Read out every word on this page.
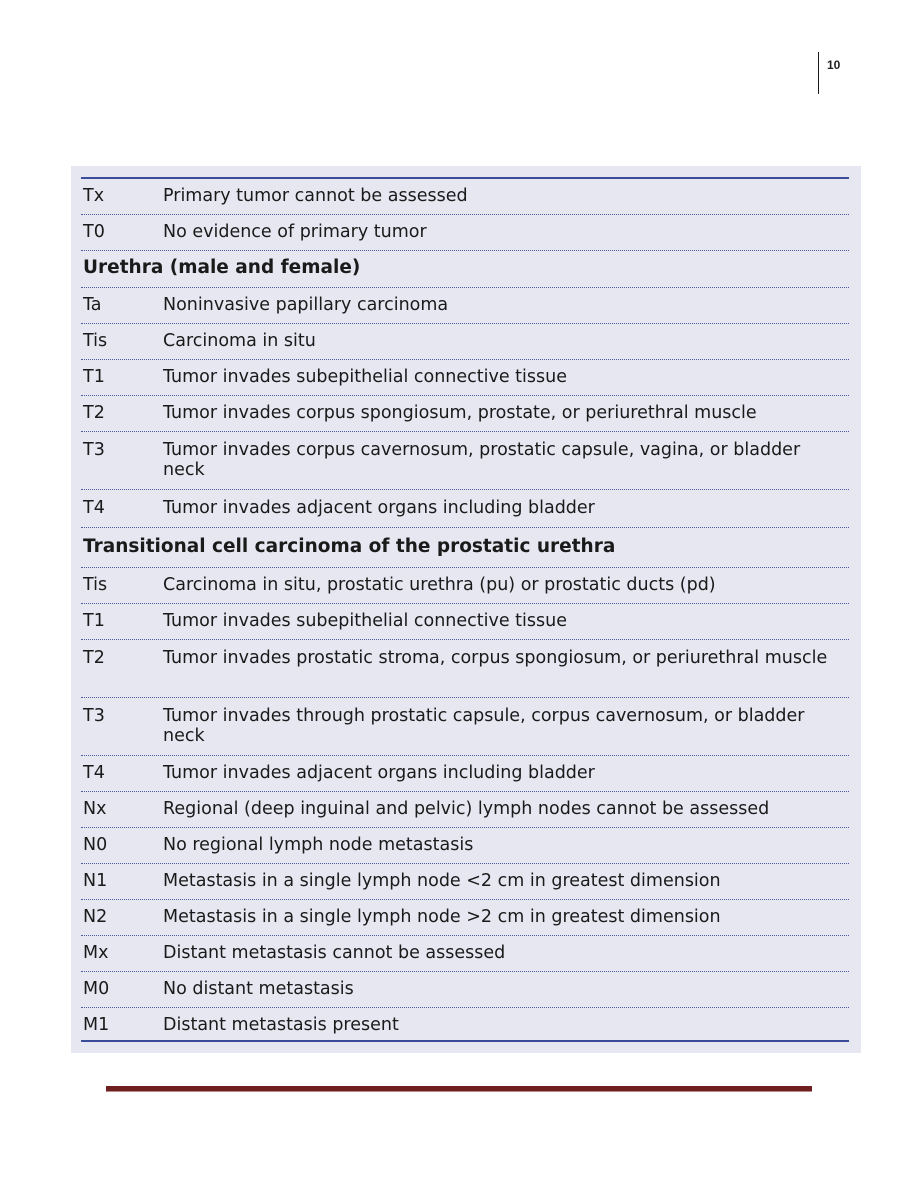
10
Tx	Primary tumor cannot be assessed
T0	No evidence of primary tumor
Urethra (male and female)
Ta	Noninvasive papillary carcinoma
Tis	Carcinoma in situ
T1	Tumor invades subepithelial connective tissue
T2	Tumor invades corpus spongiosum, prostate, or periurethral muscle
T3	Tumor invades corpus cavernosum, prostatic capsule, vagina, or bladder neck
T4	Tumor invades adjacent organs including bladder
Transitional cell carcinoma of the prostatic urethra
Tis	Carcinoma in situ, prostatic urethra (pu) or prostatic ducts (pd)
T1	Tumor invades subepithelial connective tissue
T2	Tumor invades prostatic stroma, corpus spongiosum, or periurethral muscle
T3	Tumor invades through prostatic capsule, corpus cavernosum, or bladder neck
T4	Tumor invades adjacent organs including bladder
Nx	Regional (deep inguinal and pelvic) lymph nodes cannot be assessed
N0	No regional lymph node metastasis
N1	Metastasis in a single lymph node <2 cm in greatest dimension
N2	Metastasis in a single lymph node >2 cm in greatest dimension
Mx	Distant metastasis cannot be assessed
M0	No distant metastasis
M1	Distant metastasis present
